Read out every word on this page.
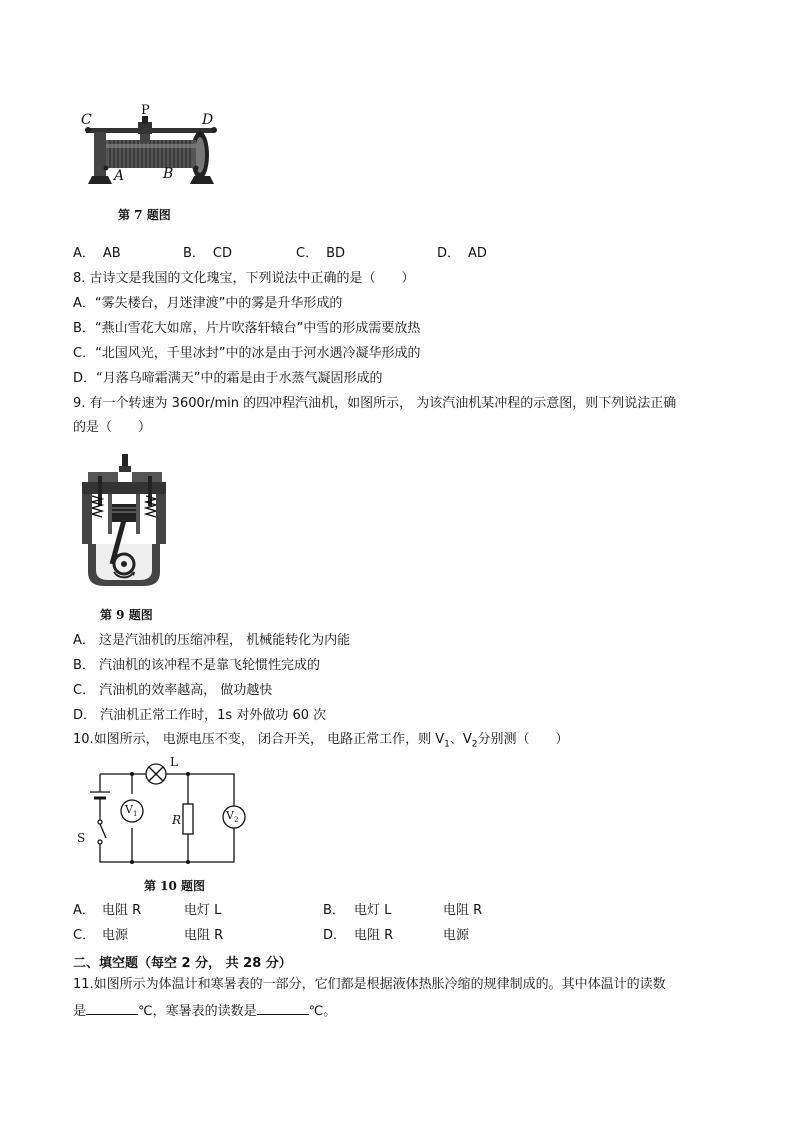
C
P
D
A	B
第 7 题图
A． AB	B． CD	C． BD	D． AD
8. 古诗文是我国的文化瑰宝，下列说法中正确的是（　　）
A．“雾失楼台，月迷津渡”中的雾是升华形成的
B．“燕山雪花大如席，片片吹落轩辕台”中雪的形成需要放热
C．“北国风光，千里冰封”中的冰是由于河水遇冷凝华形成的
D．“月落乌啼霜满天”中的霜是由于水蒸气凝固形成的
9. 有一个转速为 3600r/min 的四冲程汽油机，如图所示， 为该汽油机某冲程的示意图，则下列说法正确
的是（　　）
第 9 题图
A． 这是汽油机的压缩冲程， 机械能转化为内能
B． 汽油机的该冲程不是靠飞轮惯性完成的
C． 汽油机的效率越高， 做功越快
D． 汽油机正常工作时，1s 对外做功 60 次
10.如图所示， 电源电压不变， 闭合开关， 电路正常工作，则 $V_1$、$V_2$分别测（　　）
L
R
S
$V_1$	$V_2$
第 10 题图
A． 电阻 R	电灯 L	B． 电灯 L	电阻 R
C． 电源	电阻 R	D． 电阻 R	电源
二、填空题（每空 2 分， 共 28 分）
11.如图所示为体温计和寒暑表的一部分，它们都是根据液体热胀冷缩的规律制成的。其中体温计的读数
是	℃，寒暑表的读数是	℃。
